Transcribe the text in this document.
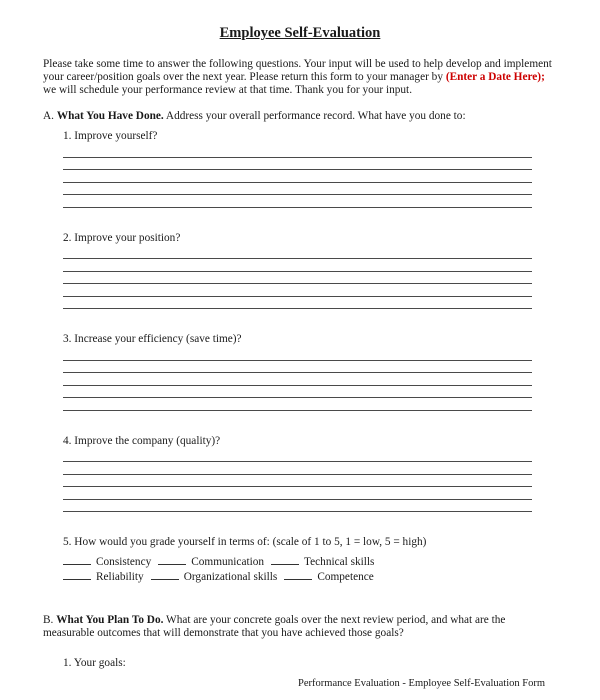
Employee Self-Evaluation

Please take some time to answer the following questions. Your input will be used to help develop and implement your career/position goals over the next year. Please return this form to your manager by (Enter a Date Here); we will schedule your performance review at that time. Thank you for your input.

A. What You Have Done. Address your overall performance record. What have you done to:

1. Improve yourself?

2. Improve your position?

3. Increase your efficiency (save time)?

4. Improve the company (quality)?

5. How would you grade yourself in terms of: (scale of 1 to 5, 1 = low, 5 = high)

Consistency	Communication	Technical skills
Reliability	Organizational skills	Competence

B. What You Plan To Do. What are your concrete goals over the next review period, and what are the measurable outcomes that will demonstrate that you have achieved those goals?

1. Your goals:

Performance Evaluation - Employee Self-Evaluation Form
